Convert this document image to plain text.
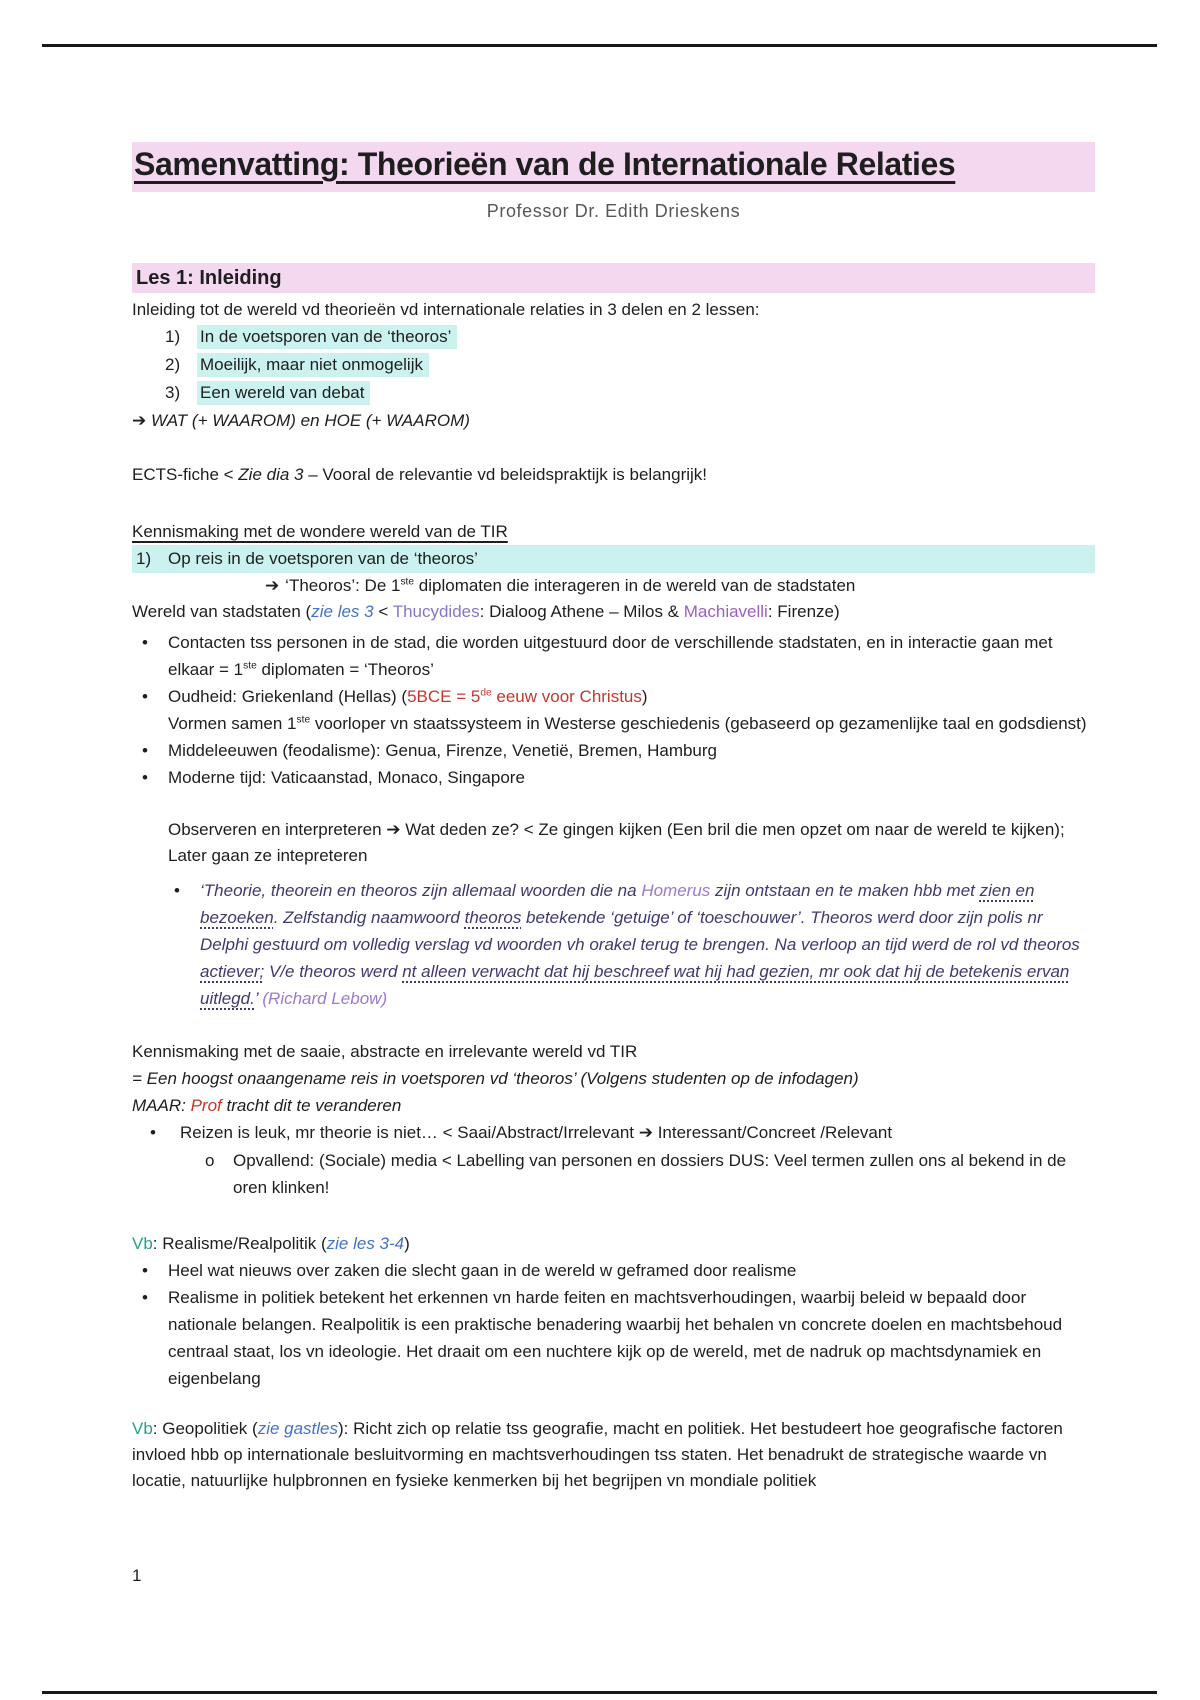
Samenvatting: Theorieën van de Internationale Relaties
Professor Dr. Edith Drieskens
Les 1: Inleiding
Inleiding tot de wereld vd theorieën vd internationale relaties in 3 delen en 2 lessen:
1) In de voetsporen van de ‘theoros’
2) Moeilijk, maar niet onmogelijk
3) Een wereld van debat
➔ WAT (+ WAAROM) en HOE (+ WAAROM)
ECTS-fiche < Zie dia 3 – Vooral de relevantie vd beleidspraktijk is belangrijk!
Kennismaking met de wondere wereld van de TIR
1) Op reis in de voetsporen van de ‘theoros’
➔ ‘Theoros’: De 1ste diplomaten die interageren in de wereld van de stadstaten
Wereld van stadstaten (zie les 3 < Thucydides: Dialoog Athene – Milos & Machiavelli: Firenze)
• Contacten tss personen in de stad, die worden uitgestuurd door de verschillende stadstaten, en in interactie gaan met elkaar = 1ste diplomaten = ‘Theoros’
• Oudheid: Griekenland (Hellas) (5BCE = 5de eeuw voor Christus)
Vormen samen 1ste voorloper vn staatssysteem in Westerse geschiedenis (gebaseerd op gezamenlijke taal en godsdienst)
• Middeleeuwen (feodalisme): Genua, Firenze, Venetië, Bremen, Hamburg
• Moderne tijd: Vaticaanstad, Monaco, Singapore
Observeren en interpreteren ➔ Wat deden ze? < Ze gingen kijken (Een bril die men opzet om naar de wereld te kijken); Later gaan ze intepreteren
• ‘Theorie, theorein en theoros zijn allemaal woorden die na Homerus zijn ontstaan en te maken hbb met zien en bezoeken. Zelfstandig naamwoord theoros betekende ‘getuige’ of ‘toeschouwer’. Theoros werd door zijn polis nr Delphi gestuurd om volledig verslag vd woorden vh orakel terug te brengen. Na verloop an tijd werd de rol vd theoros actiever; V/e theoros werd nt alleen verwacht dat hij beschreef wat hij had gezien, mr ook dat hij de betekenis ervan uitlegd.’ (Richard Lebow)
Kennismaking met de saaie, abstracte en irrelevante wereld vd TIR
= Een hoogst onaangename reis in voetsporen vd ‘theoros’ (Volgens studenten op de infodagen)
MAAR: Prof tracht dit te veranderen
• Reizen is leuk, mr theorie is niet… < Saai/Abstract/Irrelevant ➔ Interessant/Concreet /Relevant
o Opvallend: (Sociale) media < Labelling van personen en dossiers DUS: Veel termen zullen ons al bekend in de oren klinken!
Vb: Realisme/Realpolitik (zie les 3-4)
• Heel wat nieuws over zaken die slecht gaan in de wereld w geframed door realisme
• Realisme in politiek betekent het erkennen vn harde feiten en machtsverhoudingen, waarbij beleid w bepaald door nationale belangen. Realpolitik is een praktische benadering waarbij het behalen vn concrete doelen en machtsbehoud centraal staat, los vn ideologie. Het draait om een nuchtere kijk op de wereld, met de nadruk op machtsdynamiek en eigenbelang
Vb: Geopolitiek (zie gastles): Richt zich op relatie tss geografie, macht en politiek. Het bestudeert hoe geografische factoren invloed hbb op internationale besluitvorming en machtsverhoudingen tss staten. Het benadrukt de strategische waarde vn locatie, natuurlijke hulpbronnen en fysieke kenmerken bij het begrijpen vn mondiale politiek
1
